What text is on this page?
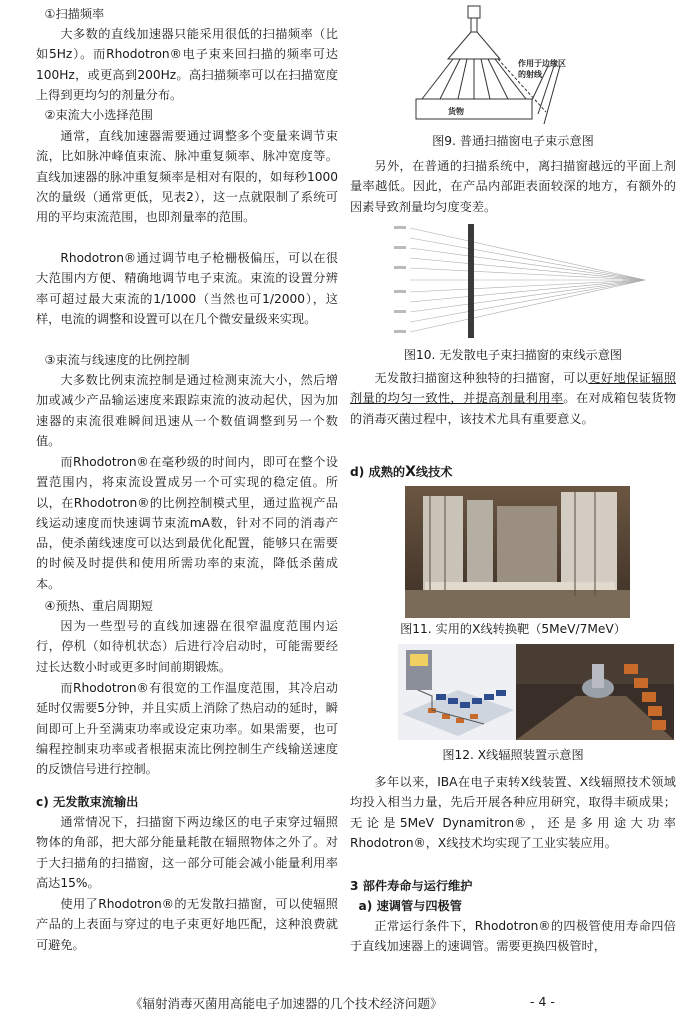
①扫描频率

大多数的直线加速器只能采用很低的扫描频率（比如5Hz）。而Rhodotron®电子束来回扫描的频率可达100Hz，或更高到200Hz。高扫描频率可以在扫描宽度上得到更均匀的剂量分布。

②束流大小选择范围

通常，直线加速器需要通过调整多个变量来调节束流，比如脉冲峰值束流、脉冲重复频率、脉冲宽度等。直线加速器的脉冲重复频率是相对有限的，如每秒1000次的量级（通常更低，见表2），这一点就限制了系统可用的平均束流范围，也即剂量率的范围。

Rhodotron®通过调节电子枪栅极偏压，可以在很大范围内方便、精确地调节电子束流。束流的设置分辨率可超过最大束流的1/1000（当然也可1/2000），这样，电流的调整和设置可以在几个微安量级来实现。

③束流与线速度的比例控制

大多数比例束流控制是通过检测束流大小，然后增加或减少产品输运速度来跟踪束流的波动起伏，因为加速器的束流很难瞬间迅速从一个数值调整到另一个数值。

而Rhodotron®在毫秒级的时间内，即可在整个设置范围内，将束流设置成另一个可实现的稳定值。所以，在Rhodotron®的比例控制模式里，通过监视产品线运动速度而快速调节束流mA数，针对不同的消毒产品，使杀菌线速度可以达到最优化配置，能够只在需要的时候及时提供和使用所需功率的束流，降低杀菌成本。

④预热、重启周期短

因为一些型号的直线加速器在很窄温度范围内运行，停机（如待机状态）后进行冷启动时，可能需要经过长达数小时或更多时间前期锻炼。

而Rhodotron®有很宽的工作温度范围，其冷启动延时仅需要5分钟，并且实质上消除了热启动的延时，瞬间即可上升至满束功率或设定束功率。如果需要，也可编程控制束功率或者根据束流比例控制生产线输送速度的反馈信号进行控制。

c) 无发散束流输出

通常情况下，扫描窗下两边缘区的电子束穿过辐照物体的角部，把大部分能量耗散在辐照物体之外了。对于大扫描角的扫描窗，这一部分可能会减小能量利用率高达15%。

使用了Rhodotron®的无发散扫描窗，可以使辐照产品的上表面与穿过的电子束更好地匹配，这种浪费就可避免。

作用于边缘区
的射线
货物
图9. 普通扫描窗电子束示意图

另外，在普通的扫描系统中，离扫描窗越远的平面上剂量率越低。因此，在产品内部距表面较深的地方，有额外的因素导致剂量均匀度变差。

图10. 无发散电子束扫描窗的束线示意图

无发散扫描窗这种独特的扫描窗，可以更好地保证辐照剂量的均匀一致性，并提高剂量利用率。在对成箱包装货物的消毒灭菌过程中，该技术尤具有重要意义。

d) 成熟的X线技术

图11. 实用的X线转换靶（5MeV/7MeV）
图12. X线辐照装置示意图

多年以来，IBA在电子束转X线装置、X线辐照技术领域均投入相当力量，先后开展各种应用研究，取得丰硕成果；无论是5MeV Dynamitron®，还是多用途大功率Rhodotron®，X线技术均实现了工业实装应用。

3 部件寿命与运行维护

a) 速调管与四极管

正常运行条件下，Rhodotron®的四极管使用寿命四倍于直线加速器上的速调管。需要更换四极管时，

《辐射消毒灭菌用高能电子加速器的几个技术经济问题》	- 4 -
